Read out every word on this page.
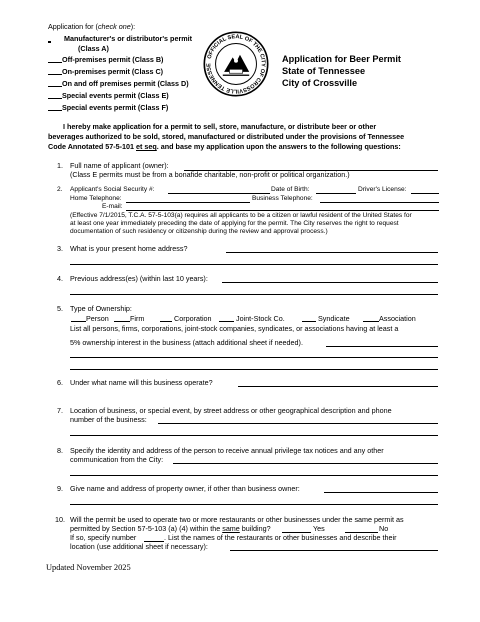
Application for (check one):
Manufacturer's or distributor's permit
(Class A)
Off-premises permit (Class B)
On-premises permit (Class C)
On and off premises permit (Class D)
Special events permit (Class E)
Special events permit (Class F)
OFFICIAL SEAL OF THE CITY OF CROSSVILLE TENNESSE
Application for Beer Permit
State of Tennessee
City of Crossville
I hereby make application for a permit to sell, store, manufacture, or distribute beer or other
beverages authorized to be sold, stored, manufactured or distributed under the provisions of Tennessee
Code Annotated 57-5-101 et seq. and base my application upon the answers to the following questions:
1. Full name of applicant (owner):
(Class E permits must be from a bonafide charitable, non-profit or political organization.)
2. Applicant's Social Security #:	Date of Birth:	Driver's License:
Home Telephone:	Business Telephone:
E-mail:
(Effective 7/1/2015, T.C.A. 57-5-103(a) requires all applicants to be a citizen or lawful resident of the United States for
at least one year immediately preceding the date of applying for the permit. The City reserves the right to request
documentation of such residency or citizenship during the review and approval process.)
3. What is your present home address?
4. Previous address(es) (within last 10 years):
5. Type of Ownership:
Person	Firm	Corporation	Joint-Stock Co.	Syndicate	Association
List all persons, firms, corporations, joint-stock companies, syndicates, or associations having at least a
5% ownership interest in the business (attach additional sheet if needed).
6. Under what name will this business operate?
7. Location of business, or special event, by street address or other geographical description and phone
number of the business:
8. Specify the identity and address of the person to receive annual privilege tax notices and any other
communication from the City:
9. Give name and address of property owner, if other than business owner:
10. Will the permit be used to operate two or more restaurants or other businesses under the same permit as
permitted by Section 57-5-103 (a) (4) within the same building?	Yes	No
If so, specify number	. List the names of the restaurants or other businesses and describe their
location (use additional sheet if necessary):
Updated November 2025
